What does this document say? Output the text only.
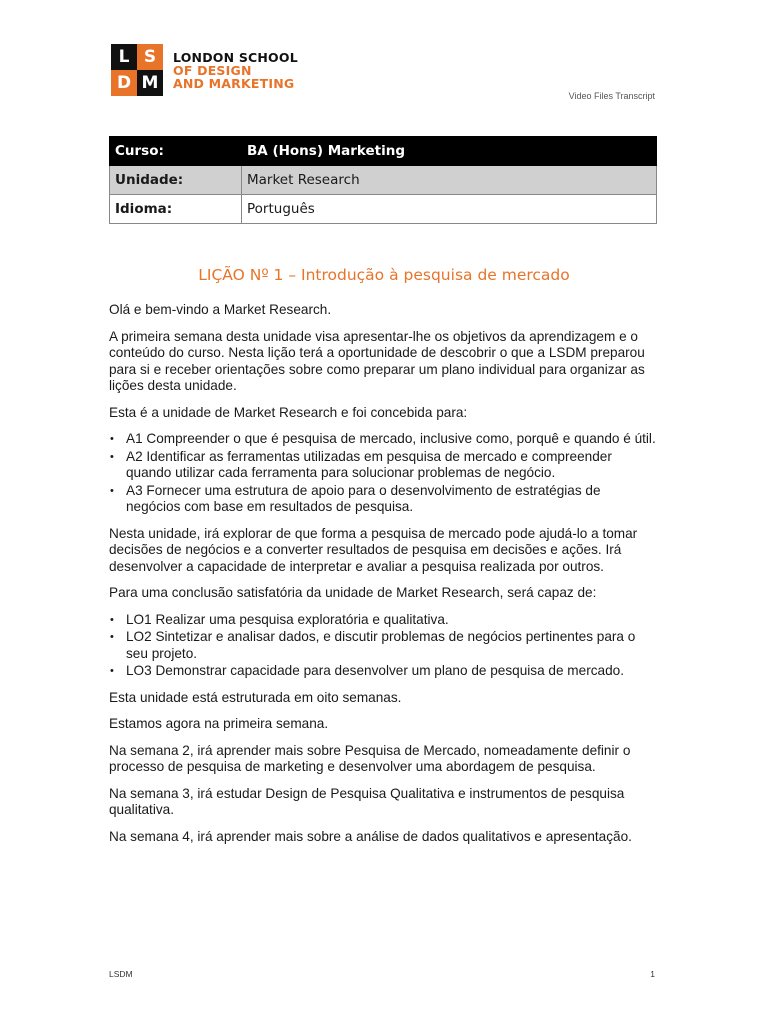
L S
D M
LONDON SCHOOL
OF DESIGN
AND MARKETING
Video Files Transcript
Curso:	BA (Hons) Marketing
Unidade:	Market Research
Idioma:	Português
LIÇÃO Nº 1 – Introdução à pesquisa de mercado

Olá e bem-vindo a Market Research.

A primeira semana desta unidade visa apresentar-lhe os objetivos da aprendizagem e o conteúdo do curso. Nesta lição terá a oportunidade de descobrir o que a LSDM preparou para si e receber orientações sobre como preparar um plano individual para organizar as lições desta unidade.

Esta é a unidade de Market Research e foi concebida para:

• A1 Compreender o que é pesquisa de mercado, inclusive como, porquê e quando é útil.
• A2 Identificar as ferramentas utilizadas em pesquisa de mercado e compreender quando utilizar cada ferramenta para solucionar problemas de negócio.
• A3 Fornecer uma estrutura de apoio para o desenvolvimento de estratégias de negócios com base em resultados de pesquisa.

Nesta unidade, irá explorar de que forma a pesquisa de mercado pode ajudá-lo a tomar decisões de negócios e a converter resultados de pesquisa em decisões e ações. Irá desenvolver a capacidade de interpretar e avaliar a pesquisa realizada por outros.

Para uma conclusão satisfatória da unidade de Market Research, será capaz de:

• LO1 Realizar uma pesquisa exploratória e qualitativa.
• LO2 Sintetizar e analisar dados, e discutir problemas de negócios pertinentes para o seu projeto.
• LO3 Demonstrar capacidade para desenvolver um plano de pesquisa de mercado.

Esta unidade está estruturada em oito semanas.

Estamos agora na primeira semana.

Na semana 2, irá aprender mais sobre Pesquisa de Mercado, nomeadamente definir o processo de pesquisa de marketing e desenvolver uma abordagem de pesquisa.

Na semana 3, irá estudar Design de Pesquisa Qualitativa e instrumentos de pesquisa qualitativa.

Na semana 4, irá aprender mais sobre a análise de dados qualitativos e apresentação.

LSDM	1
